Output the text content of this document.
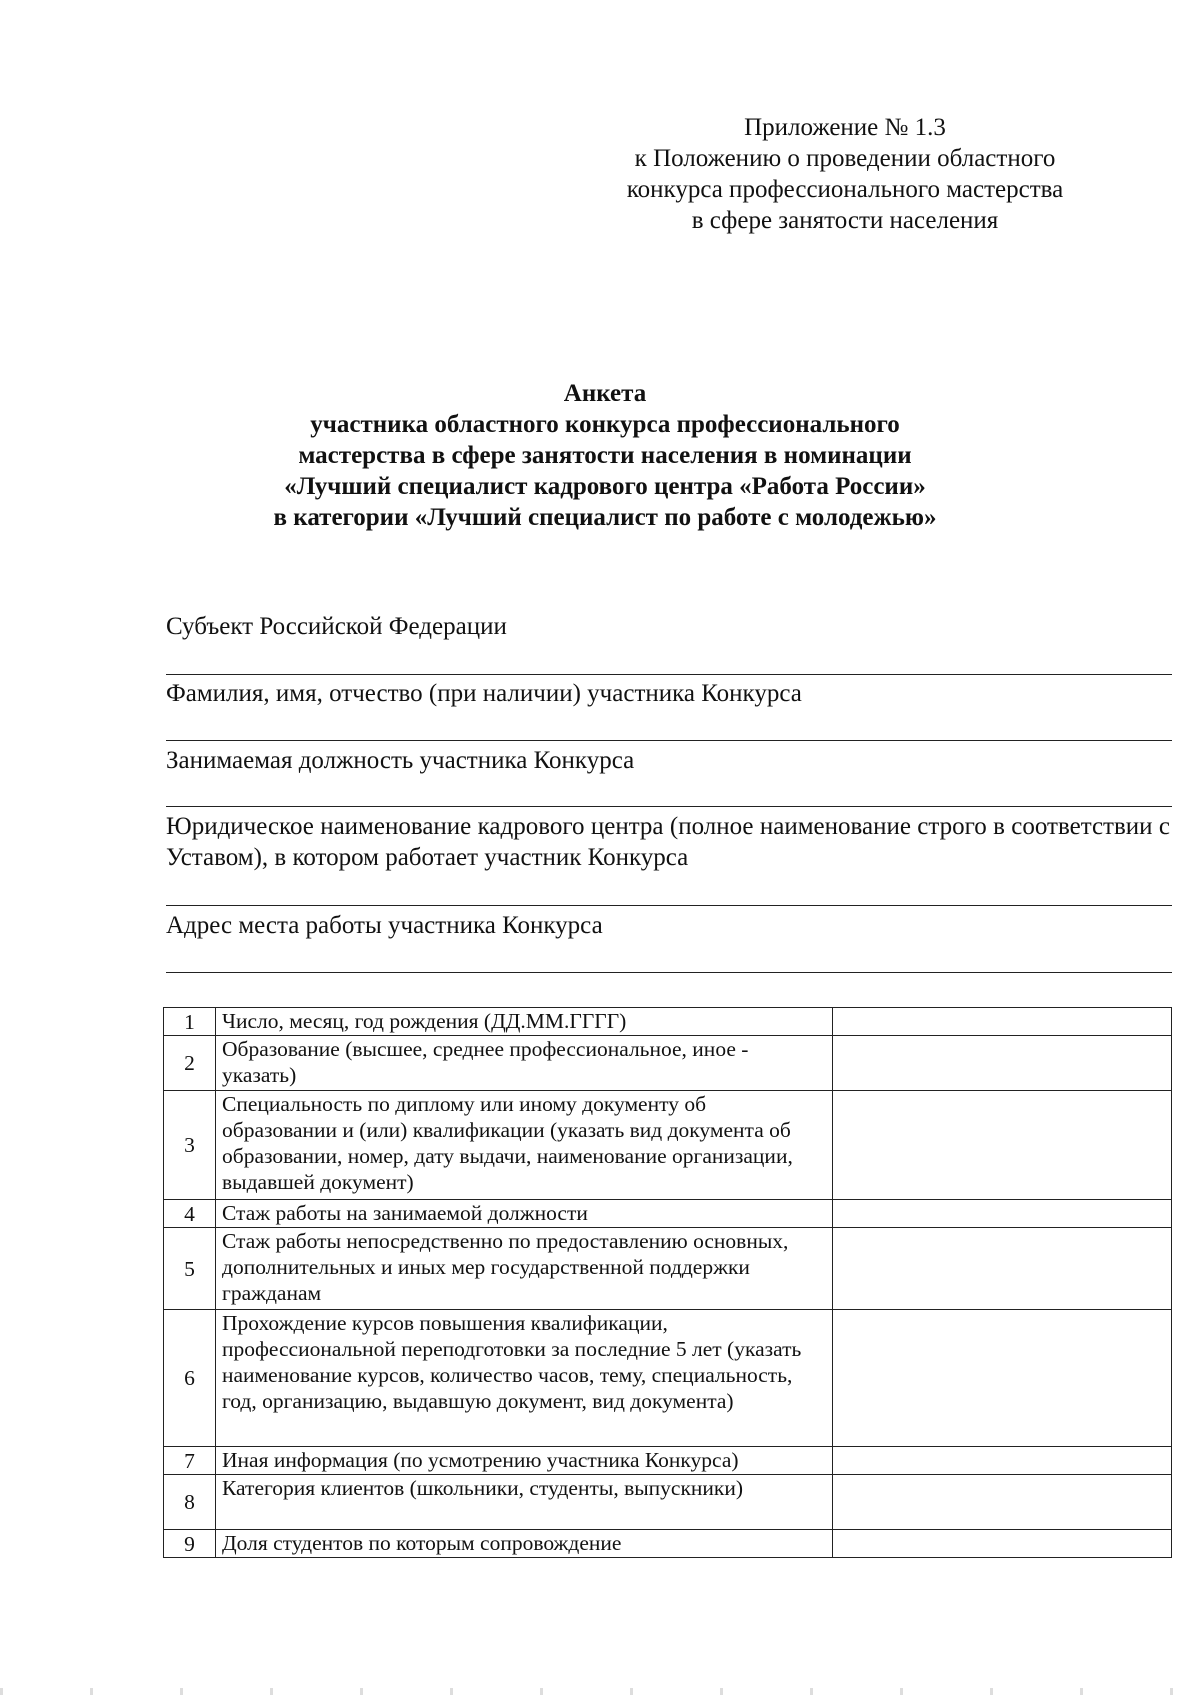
Приложение № 1.3
к Положению о проведении областного
конкурса профессионального мастерства
в сфере занятости населения
Анкета
участника областного конкурса профессионального
мастерства в сфере занятости населения в номинации
«Лучший специалист кадрового центра «Работа России»
в категории «Лучший специалист по работе с молодежью»
Субъект Российской Федерации
Фамилия, имя, отчество (при наличии) участника Конкурса
Занимаемая должность участника Конкурса
Юридическое наименование кадрового центра (полное наименование строго в соответствии с Уставом), в котором работает участник Конкурса
Адрес места работы участника Конкурса
1	Число, месяц, год рождения (ДД.ММ.ГГГГ)	
2	Образование (высшее, среднее профессиональное, иное - указать)	
3	Специальность по диплому или иному документу об образовании и (или) квалификации (указать вид документа об образовании, номер, дату выдачи, наименование организации, выдавшей документ)	
4	Стаж работы на занимаемой должности	
5	Стаж работы непосредственно по предоставлению основных, дополнительных и иных мер государственной поддержки гражданам	
6	Прохождение курсов повышения квалификации, профессиональной переподготовки за последние 5 лет (указать наименование курсов, количество часов, тему, специальность, год, организацию, выдавшую документ, вид документа)	
7	Иная информация (по усмотрению участника Конкурса)	
8	Категория клиентов (школьники, студенты, выпускники)	
9	Доля студентов по которым сопровождение	
